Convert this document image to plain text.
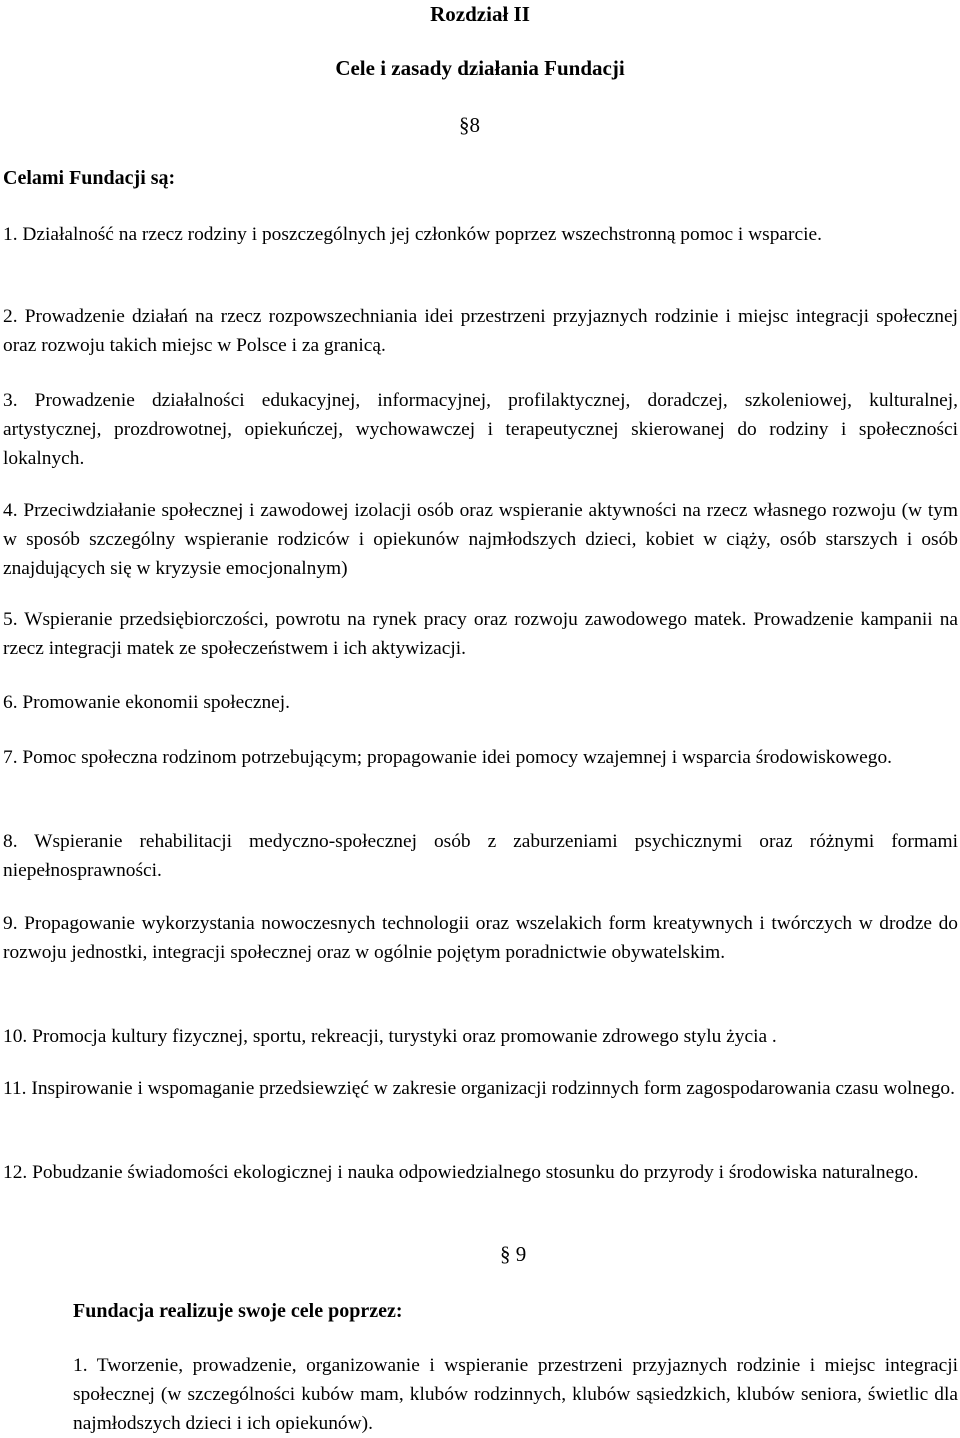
Rozdział II
Cele i zasady działania Fundacji

§8

Celami Fundacji są:

1. Działalność na rzecz rodziny i poszczególnych jej członków poprzez wszechstronną pomoc i wsparcie.

2. Prowadzenie działań na rzecz rozpowszechniania idei przestrzeni przyjaznych rodzinie i miejsc integracji społecznej oraz rozwoju takich miejsc w Polsce i za granicą.

3. Prowadzenie działalności edukacyjnej, informacyjnej, profilaktycznej, doradczej, szkoleniowej, kulturalnej, artystycznej, prozdrowotnej, opiekuńczej, wychowawczej i terapeutycznej skierowanej do rodziny i społeczności lokalnych.

4. Przeciwdziałanie społecznej i zawodowej izolacji osób oraz wspieranie aktywności na rzecz własnego rozwoju (w tym w sposób szczególny wspieranie rodziców i opiekunów najmłodszych dzieci, kobiet w ciąży, osób starszych i osób znajdujących się w kryzysie emocjonalnym)

5. Wspieranie przedsiębiorczości, powrotu na rynek pracy oraz rozwoju zawodowego matek. Prowadzenie kampanii na rzecz integracji matek ze społeczeństwem i ich aktywizacji.

6. Promowanie ekonomii społecznej.

7. Pomoc społeczna rodzinom potrzebującym; propagowanie idei pomocy wzajemnej i wsparcia środowiskowego.

8. Wspieranie rehabilitacji medyczno-społecznej osób z zaburzeniami psychicznymi oraz różnymi formami niepełnosprawności.

9. Propagowanie wykorzystania nowoczesnych technologii oraz wszelakich form kreatywnych i twórczych w drodze do rozwoju jednostki, integracji społecznej oraz w ogólnie pojętym poradnictwie obywatelskim.

10. Promocja kultury fizycznej, sportu, rekreacji, turystyki oraz promowanie zdrowego stylu życia .

11. Inspirowanie i wspomaganie przedsiewzięć w zakresie organizacji rodzinnych form zagospodarowania czasu wolnego.

12. Pobudzanie świadomości ekologicznej i nauka odpowiedzialnego stosunku do przyrody i środowiska naturalnego.

§ 9

Fundacja realizuje swoje cele poprzez:

1. Tworzenie, prowadzenie, organizowanie i wspieranie przestrzeni przyjaznych rodzinie i miejsc integracji społecznej (w szczególności kubów mam, klubów rodzinnych, klubów sąsiedzkich, klubów seniora, świetlic dla najmłodszych dzieci i ich opiekunów).
